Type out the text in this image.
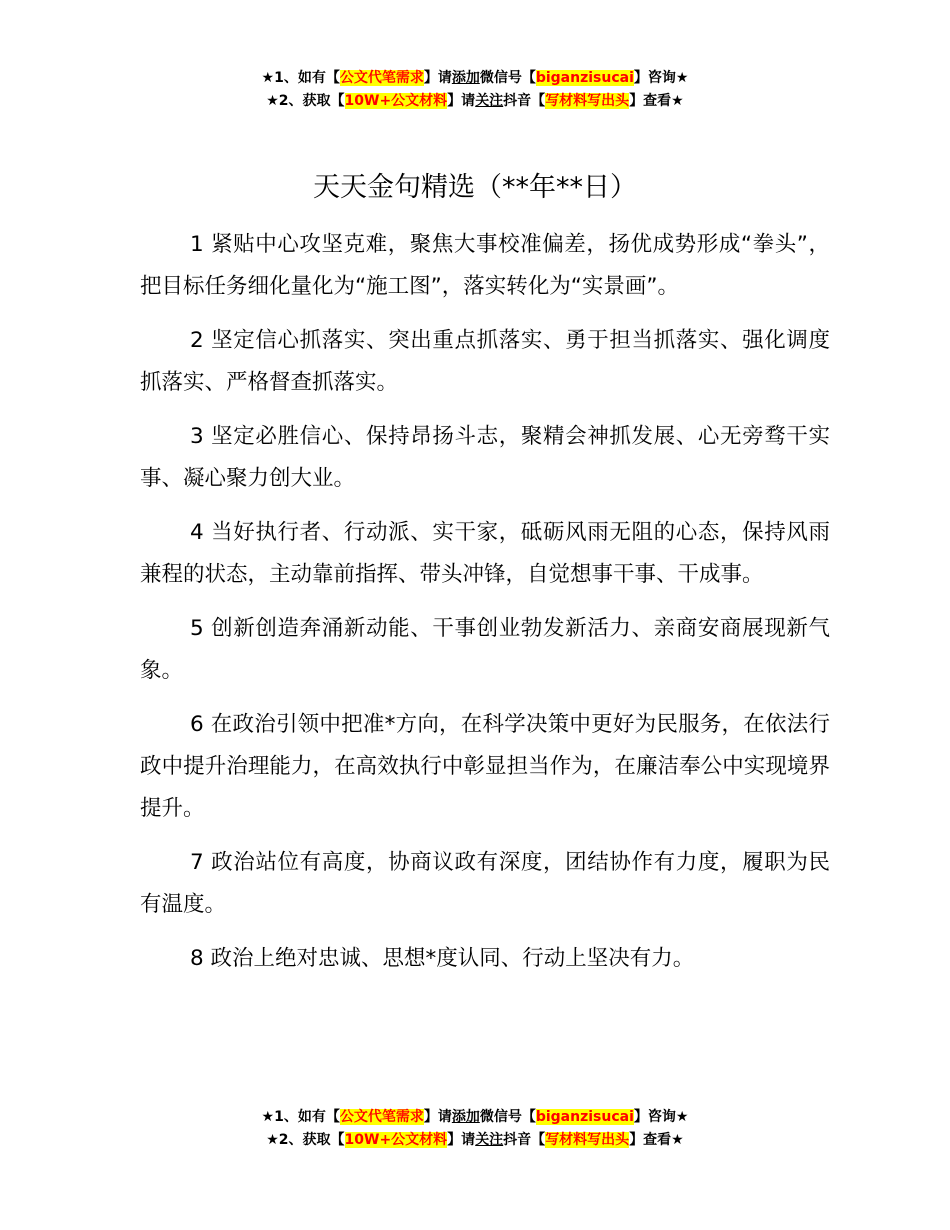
★1、如有【公文代笔需求】请添加微信号【biganzisucai】咨询★
★2、获取【10W+公文材料】请关注抖音【写材料写出头】查看★
天天金句精选（**年**日）

1 紧贴中心攻坚克难，聚焦大事校准偏差，扬优成势形成“拳头”，把目标任务细化量化为“施工图”，落实转化为“实景画”。

2 坚定信心抓落实、突出重点抓落实、勇于担当抓落实、强化调度抓落实、严格督查抓落实。

3 坚定必胜信心、保持昂扬斗志，聚精会神抓发展、心无旁骛干实事、凝心聚力创大业。

4 当好执行者、行动派、实干家，砥砺风雨无阻的心态，保持风雨兼程的状态，主动靠前指挥、带头冲锋，自觉想事干事、干成事。

5 创新创造奔涌新动能、干事创业勃发新活力、亲商安商展现新气象。

6 在政治引领中把准*方向，在科学决策中更好为民服务，在依法行政中提升治理能力，在高效执行中彰显担当作为，在廉洁奉公中实现境界提升。

7 政治站位有高度，协商议政有深度，团结协作有力度，履职为民有温度。

8 政治上绝对忠诚、思想*度认同、行动上坚决有力。

★1、如有【公文代笔需求】请添加微信号【biganzisucai】咨询★
★2、获取【10W+公文材料】请关注抖音【写材料写出头】查看★
